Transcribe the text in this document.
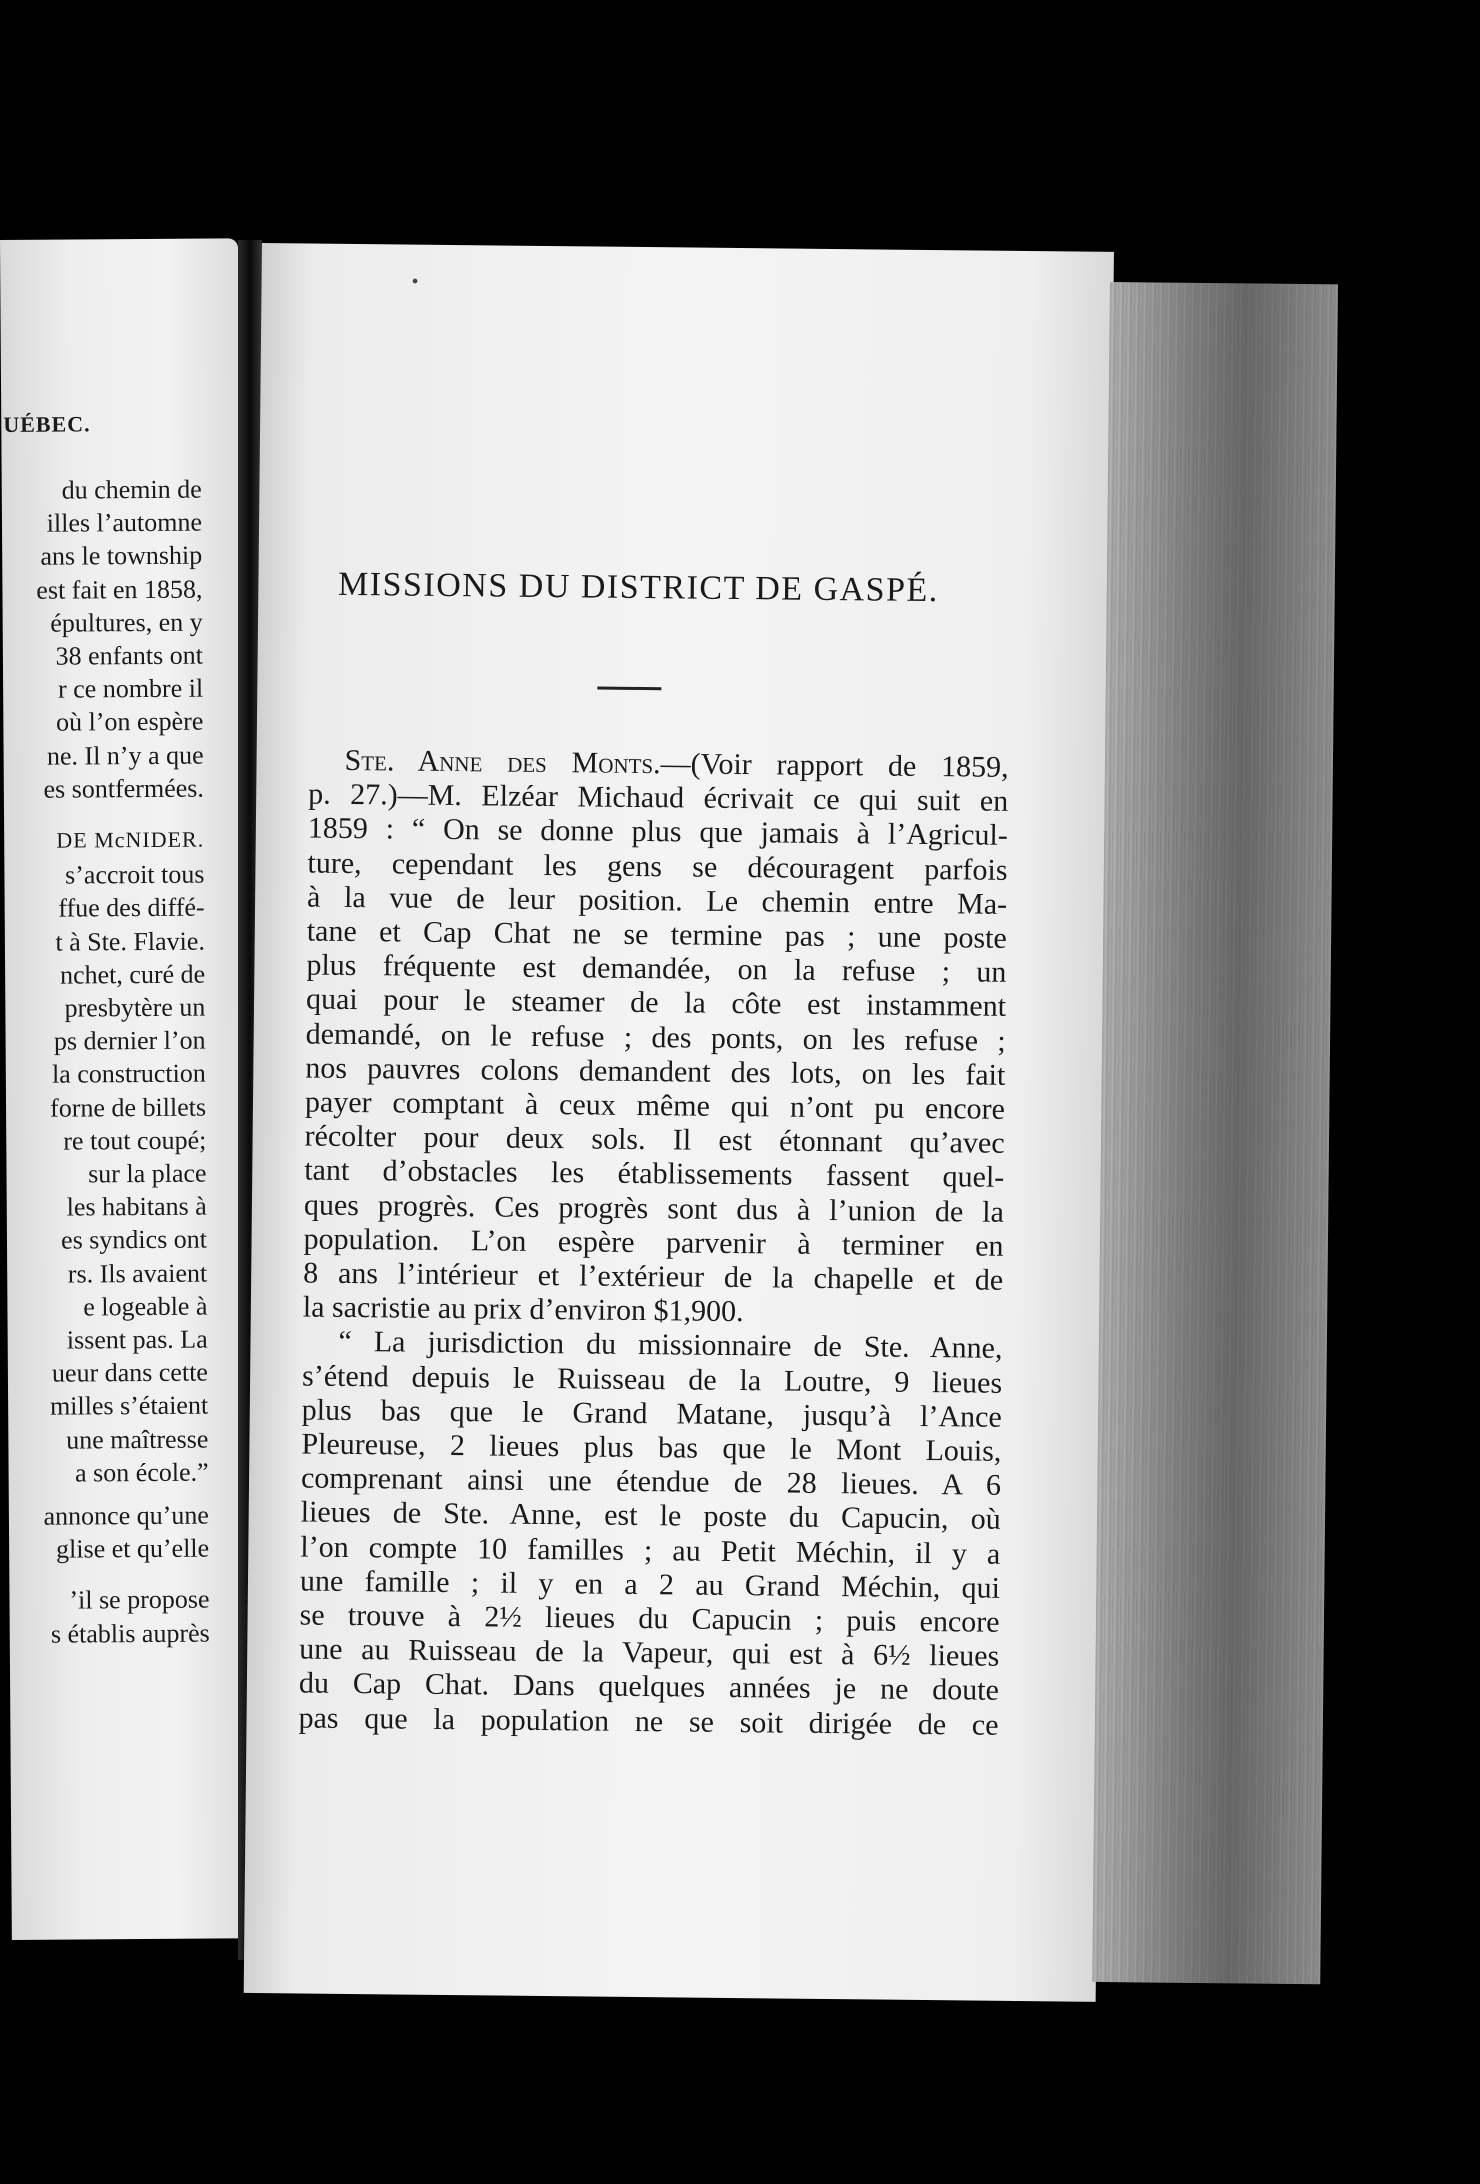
UÉBEC.
du chemin de
illes l’automne
ans le township
est fait en 1858,
épultures, en y
38 enfants ont
r ce nombre il
où l’on espère
ne. Il n’y a que
es sontfermées.
DE McNIDER.
s’accroit tous
ffue des diffé-
t à Ste. Flavie.
nchet, curé de
presbytère un
ps dernier l’on
la construction
forne de billets
re tout coupé;
sur la place
les habitans à
es syndics ont
rs. Ils avaient
e logeable à
issent pas. La
ueur dans cette
milles s’étaient
une maîtresse
a son école.”
annonce qu’une
glise et qu’elle
’il se propose
s établis auprès
•
MISSIONS DU DISTRICT DE GASPÉ.
Ste. Anne des Monts.—(Voir rapport de 1859,
p. 27.)—M. Elzéar Michaud écrivait ce qui suit en
1859 : “ On se donne plus que jamais à l’Agricul-
ture, cependant les gens se découragent parfois
à la vue de leur position. Le chemin entre Ma-
tane et Cap Chat ne se termine pas ; une poste
plus fréquente est demandée, on la refuse ; un
quai pour le steamer de la côte est instamment
demandé, on le refuse ; des ponts, on les refuse ;
nos pauvres colons demandent des lots, on les fait
payer comptant à ceux même qui n’ont pu encore
récolter pour deux sols. Il est étonnant qu’avec
tant d’obstacles les établissements fassent quel-
ques progrès. Ces progrès sont dus à l’union de la
population. L’on espère parvenir à terminer en
8 ans l’intérieur et l’extérieur de la chapelle et de
la sacristie au prix d’environ $1,900.
“ La jurisdiction du missionnaire de Ste. Anne,
s’étend depuis le Ruisseau de la Loutre, 9 lieues
plus bas que le Grand Matane, jusqu’à l’Ance
Pleureuse, 2 lieues plus bas que le Mont Louis,
comprenant ainsi une étendue de 28 lieues. A 6
lieues de Ste. Anne, est le poste du Capucin, où
l’on compte 10 familles ; au Petit Méchin, il y a
une famille ; il y en a 2 au Grand Méchin, qui
se trouve à 2½ lieues du Capucin ; puis encore
une au Ruisseau de la Vapeur, qui est à 6½ lieues
du Cap Chat. Dans quelques années je ne doute
pas que la population ne se soit dirigée de ce
